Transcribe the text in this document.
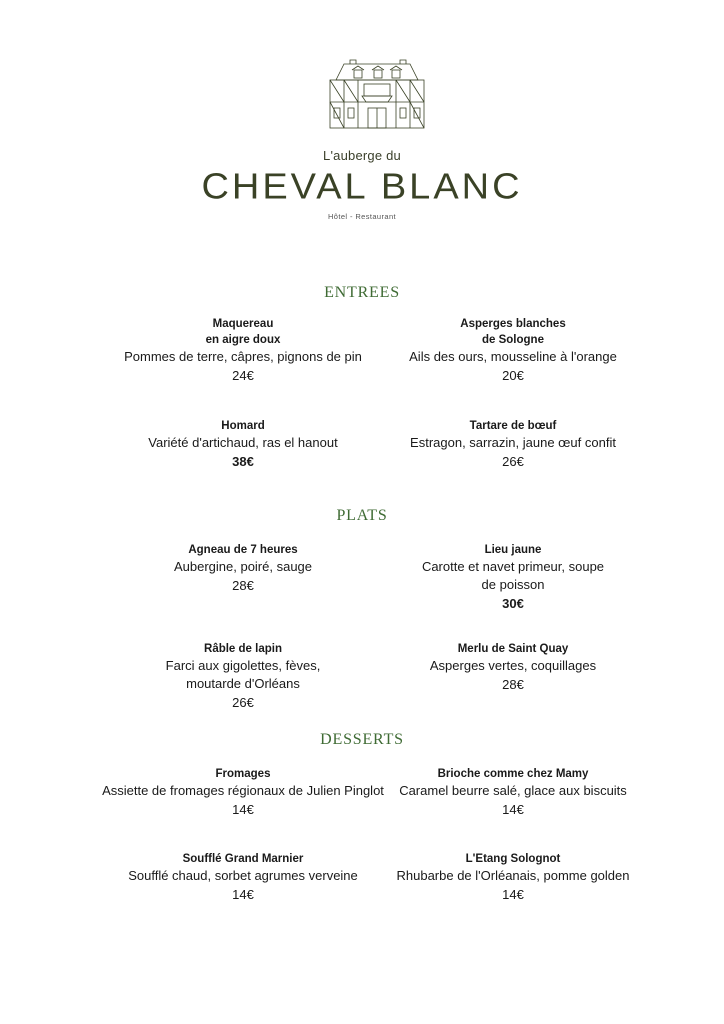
L'auberge du
CHEVAL BLANC
Hôtel - Restaurant
ENTREES
Maquereau
en aigre doux
Pommes de terre, câpres, pignons de pin
24€
Asperges blanches
de Sologne
Ails des ours, mousseline à l'orange
20€
Homard
Variété d'artichaud, ras el hanout
38€
Tartare de bœuf
Estragon, sarrazin, jaune œuf confit
26€
PLATS
Agneau de 7 heures
Aubergine, poiré, sauge
28€
Lieu jaune
Carotte et navet primeur, soupe de poisson
30€
Râble de lapin
Farci aux gigolettes, fèves, moutarde d'Orléans
26€
Merlu de Saint Quay
Asperges vertes, coquillages
28€
DESSERTS
Fromages
Assiette de fromages régionaux de Julien Pinglot
14€
Brioche comme chez Mamy
Caramel beurre salé, glace aux biscuits
14€
Soufflé Grand Marnier
Soufflé chaud, sorbet agrumes verveine
14€
L'Etang Solognot
Rhubarbe de l'Orléanais, pomme golden
14€
